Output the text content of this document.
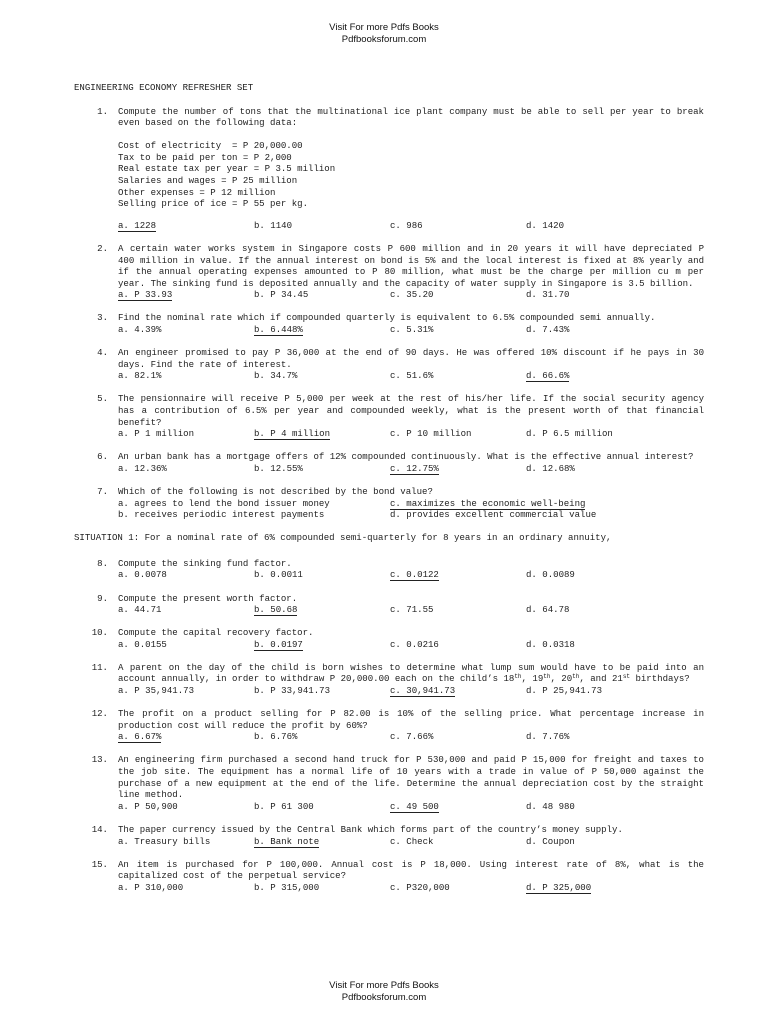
Visit For more Pdfs Books
Pdfbooksforum.com
ENGINEERING ECONOMY REFRESHER SET
1. Compute the number of tons that the multinational ice plant company must be able to sell per year to break even based on the following data:
Cost of electricity  = P 20,000.00
Tax to be paid per ton = P 2,000
Real estate tax per year = P 3.5 million
Salaries and wages = P 25 million
Other expenses = P 12 million
Selling price of ice = P 55 per kg.
a. 1228	b. 1140	c. 986	d. 1420
2. A certain water works system in Singapore costs P 600 million and in 20 years it will have depreciated P 400 million in value. If the annual interest on bond is 5% and the local interest is fixed at 8% yearly and if the annual operating expenses amounted to P 80 million, what must be the charge per million cu m per year. The sinking fund is deposited annually and the capacity of water supply in Singapore is 3.5 billion.
a. P 33.93	b. P 34.45	c. 35.20	d. 31.70
3. Find the nominal rate which if compounded quarterly is equivalent to 6.5% compounded semi annually.
a. 4.39%	b. 6.448%	c. 5.31%	d. 7.43%
4. An engineer promised to pay P 36,000 at the end of 90 days. He was offered 10% discount if he pays in 30 days. Find the rate of interest.
a. 82.1%	b. 34.7%	c. 51.6%	d. 66.6%
5. The pensionnaire will receive P 5,000 per week at the rest of his/her life. If the social security agency has a contribution of 6.5% per year and compounded weekly, what is the present worth of that financial benefit?
a. P 1 million	b. P 4 million	c. P 10 million	d. P 6.5 million
6. An urban bank has a mortgage offers of 12% compounded continuously. What is the effective annual interest?
a. 12.36%	b. 12.55%	c. 12.75%	d. 12.68%
7. Which of the following is not described by the bond value?
a. agrees to lend the bond issuer money	c. maximizes the economic well-being
b. receives periodic interest payments	d. provides excellent commercial value
SITUATION 1: For a nominal rate of 6% compounded semi-quarterly for 8 years in an ordinary annuity,
8. Compute the sinking fund factor.
a. 0.0078	b. 0.0011	c. 0.0122	d. 0.0089
9. Compute the present worth factor.
a. 44.71	b. 50.68	c. 71.55	d. 64.78
10. Compute the capital recovery factor.
a. 0.0155	b. 0.0197	c. 0.0216	d. 0.0318
11. A parent on the day of the child is born wishes to determine what lump sum would have to be paid into an account annually, in order to withdraw P 20,000.00 each on the child’s 18th, 19th, 20th, and 21st birthdays?
a. P 35,941.73	b. P 33,941.73	c. 30,941.73	d. P 25,941.73
12. The profit on a product selling for P 82.00 is 10% of the selling price. What percentage increase in production cost will reduce the profit by 60%?
a. 6.67%	b. 6.76%	c. 7.66%	d. 7.76%
13. An engineering firm purchased a second hand truck for P 530,000 and paid P 15,000 for freight and taxes to the job site. The equipment has a normal life of 10 years with a trade in value of P 50,000 against the purchase of a new equipment at the end of the life. Determine the annual depreciation cost by the straight line method.
a. P 50,900	b. P 61 300	c. 49 500	d. 48 980
14. The paper currency issued by the Central Bank which forms part of the country’s money supply.
a. Treasury bills	b. Bank note	c. Check	d. Coupon
15. An item is purchased for P 100,000. Annual cost is P 18,000. Using interest rate of 8%, what is the capitalized cost of the perpetual service?
a. P 310,000	b. P 315,000	c. P320,000	d. P 325,000
Visit For more Pdfs Books
Pdfbooksforum.com
